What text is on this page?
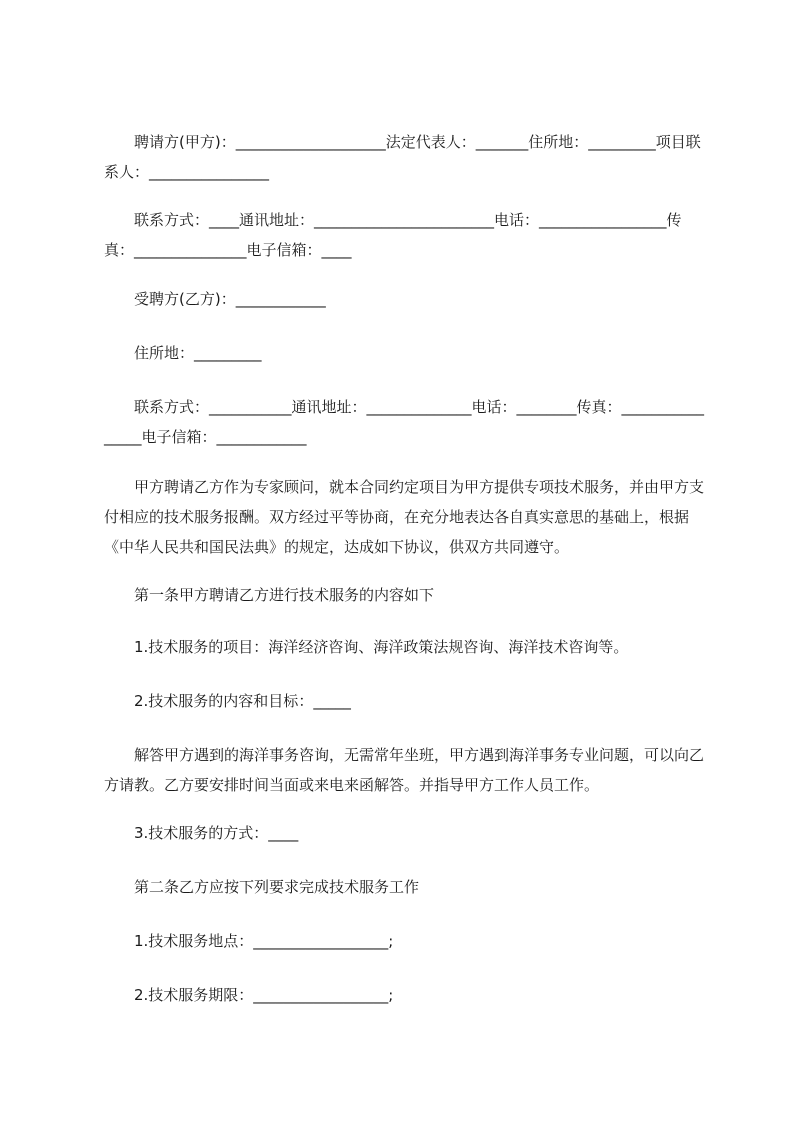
聘请方(甲方)：____________________法定代表人：_______住所地：_________项目联系人：________________

联系方式：____通讯地址：________________________电话：_________________传真：_______________电子信箱：____

受聘方(乙方)：____________

住所地：_________

联系方式：___________通讯地址：______________电话：________传真：________________电子信箱：____________

甲方聘请乙方作为专家顾问，就本合同约定项目为甲方提供专项技术服务，并由甲方支付相应的技术服务报酬。双方经过平等协商，在充分地表达各自真实意思的基础上，根据《中华人民共和国民法典》的规定，达成如下协议，供双方共同遵守。

第一条甲方聘请乙方进行技术服务的内容如下

1.技术服务的项目：海洋经济咨询、海洋政策法规咨询、海洋技术咨询等。

2.技术服务的内容和目标：_____

解答甲方遇到的海洋事务咨询，无需常年坐班，甲方遇到海洋事务专业问题，可以向乙方请教。乙方要安排时间当面或来电来函解答。并指导甲方工作人员工作。

3.技术服务的方式：____

第二条乙方应按下列要求完成技术服务工作

1.技术服务地点：__________________;

2.技术服务期限：__________________;
